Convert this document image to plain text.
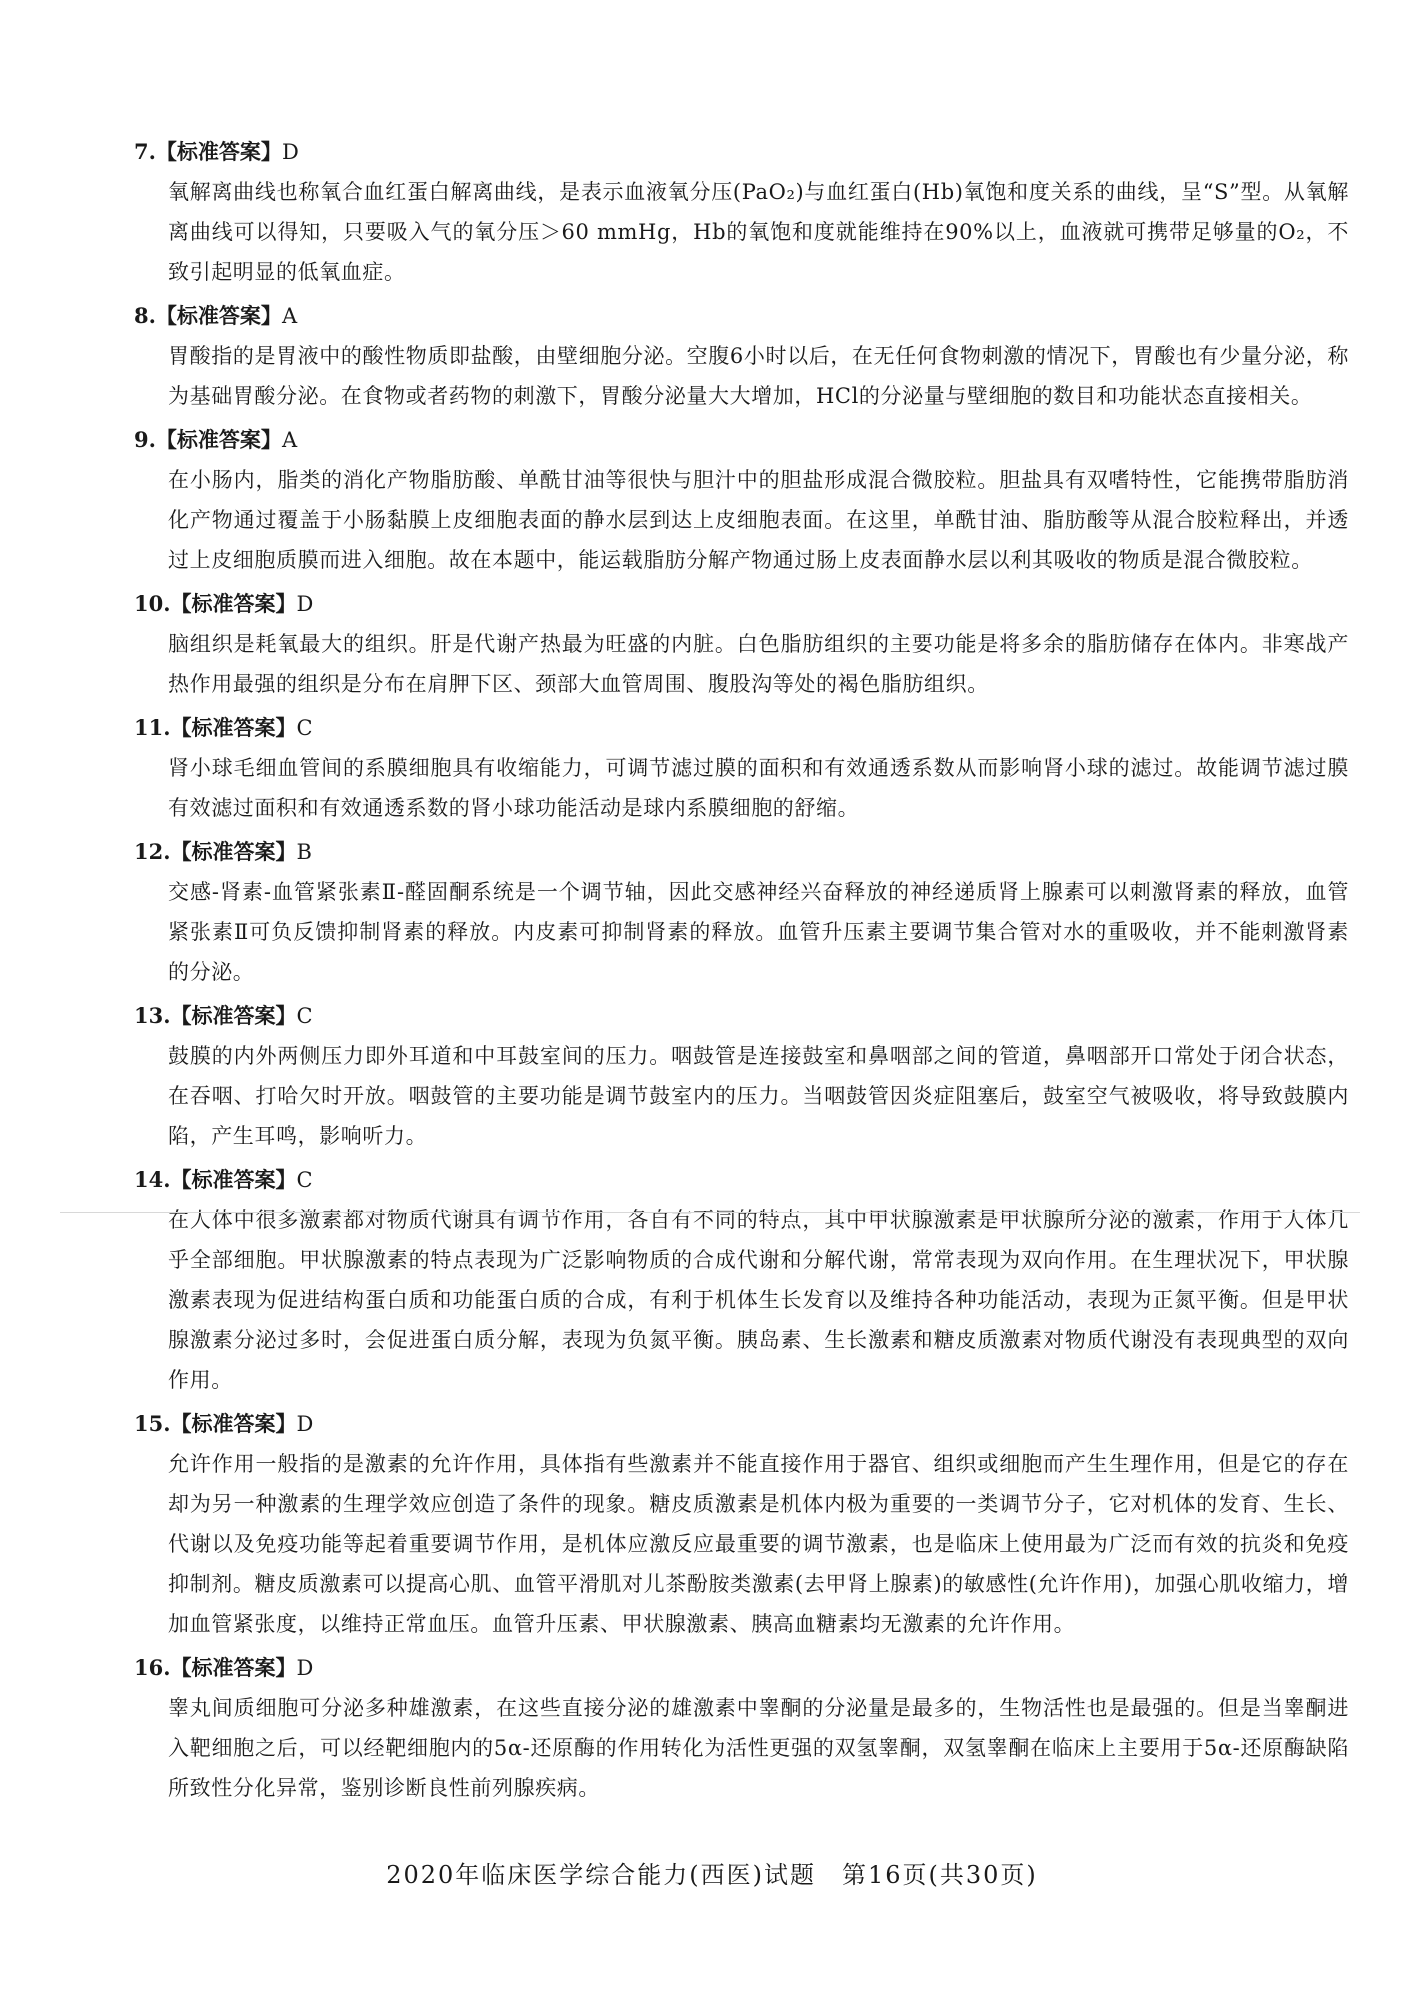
7.【标准答案】D

氧解离曲线也称氧合血红蛋白解离曲线，是表示血液氧分压(PaO₂)与血红蛋白(Hb)氧饱和度关系的曲线，呈“S”型。从氧解离曲线可以得知，只要吸入气的氧分压＞60 mmHg，Hb的氧饱和度就能维持在90%以上，血液就可携带足够量的O₂，不致引起明显的低氧血症。

8.【标准答案】A

胃酸指的是胃液中的酸性物质即盐酸，由壁细胞分泌。空腹6小时以后，在无任何食物刺激的情况下，胃酸也有少量分泌，称为基础胃酸分泌。在食物或者药物的刺激下，胃酸分泌量大大增加，HCl的分泌量与壁细胞的数目和功能状态直接相关。

9.【标准答案】A

在小肠内，脂类的消化产物脂肪酸、单酰甘油等很快与胆汁中的胆盐形成混合微胶粒。胆盐具有双嗜特性，它能携带脂肪消化产物通过覆盖于小肠黏膜上皮细胞表面的静水层到达上皮细胞表面。在这里，单酰甘油、脂肪酸等从混合胶粒释出，并透过上皮细胞质膜而进入细胞。故在本题中，能运载脂肪分解产物通过肠上皮表面静水层以利其吸收的物质是混合微胶粒。

10.【标准答案】D

脑组织是耗氧最大的组织。肝是代谢产热最为旺盛的内脏。白色脂肪组织的主要功能是将多余的脂肪储存在体内。非寒战产热作用最强的组织是分布在肩胛下区、颈部大血管周围、腹股沟等处的褐色脂肪组织。

11.【标准答案】C

肾小球毛细血管间的系膜细胞具有收缩能力，可调节滤过膜的面积和有效通透系数从而影响肾小球的滤过。故能调节滤过膜有效滤过面积和有效通透系数的肾小球功能活动是球内系膜细胞的舒缩。

12.【标准答案】B

交感-肾素-血管紧张素Ⅱ-醛固酮系统是一个调节轴，因此交感神经兴奋释放的神经递质肾上腺素可以刺激肾素的释放，血管紧张素Ⅱ可负反馈抑制肾素的释放。内皮素可抑制肾素的释放。血管升压素主要调节集合管对水的重吸收，并不能刺激肾素的分泌。

13.【标准答案】C

鼓膜的内外两侧压力即外耳道和中耳鼓室间的压力。咽鼓管是连接鼓室和鼻咽部之间的管道，鼻咽部开口常处于闭合状态，在吞咽、打哈欠时开放。咽鼓管的主要功能是调节鼓室内的压力。当咽鼓管因炎症阻塞后，鼓室空气被吸收，将导致鼓膜内陷，产生耳鸣，影响听力。

14.【标准答案】C

在人体中很多激素都对物质代谢具有调节作用，各自有不同的特点，其中甲状腺激素是甲状腺所分泌的激素，作用于人体几乎全部细胞。甲状腺激素的特点表现为广泛影响物质的合成代谢和分解代谢，常常表现为双向作用。在生理状况下，甲状腺激素表现为促进结构蛋白质和功能蛋白质的合成，有利于机体生长发育以及维持各种功能活动，表现为正氮平衡。但是甲状腺激素分泌过多时，会促进蛋白质分解，表现为负氮平衡。胰岛素、生长激素和糖皮质激素对物质代谢没有表现典型的双向作用。

15.【标准答案】D

允许作用一般指的是激素的允许作用，具体指有些激素并不能直接作用于器官、组织或细胞而产生生理作用，但是它的存在却为另一种激素的生理学效应创造了条件的现象。糖皮质激素是机体内极为重要的一类调节分子，它对机体的发育、生长、代谢以及免疫功能等起着重要调节作用，是机体应激反应最重要的调节激素，也是临床上使用最为广泛而有效的抗炎和免疫抑制剂。糖皮质激素可以提高心肌、血管平滑肌对儿茶酚胺类激素(去甲肾上腺素)的敏感性(允许作用)，加强心肌收缩力，增加血管紧张度，以维持正常血压。血管升压素、甲状腺激素、胰高血糖素均无激素的允许作用。

16.【标准答案】D

睾丸间质细胞可分泌多种雄激素，在这些直接分泌的雄激素中睾酮的分泌量是最多的，生物活性也是最强的。但是当睾酮进入靶细胞之后，可以经靶细胞内的5α-还原酶的作用转化为活性更强的双氢睾酮，双氢睾酮在临床上主要用于5α-还原酶缺陷所致性分化异常，鉴别诊断良性前列腺疾病。

2020年临床医学综合能力(西医)试题　第16页(共30页)
